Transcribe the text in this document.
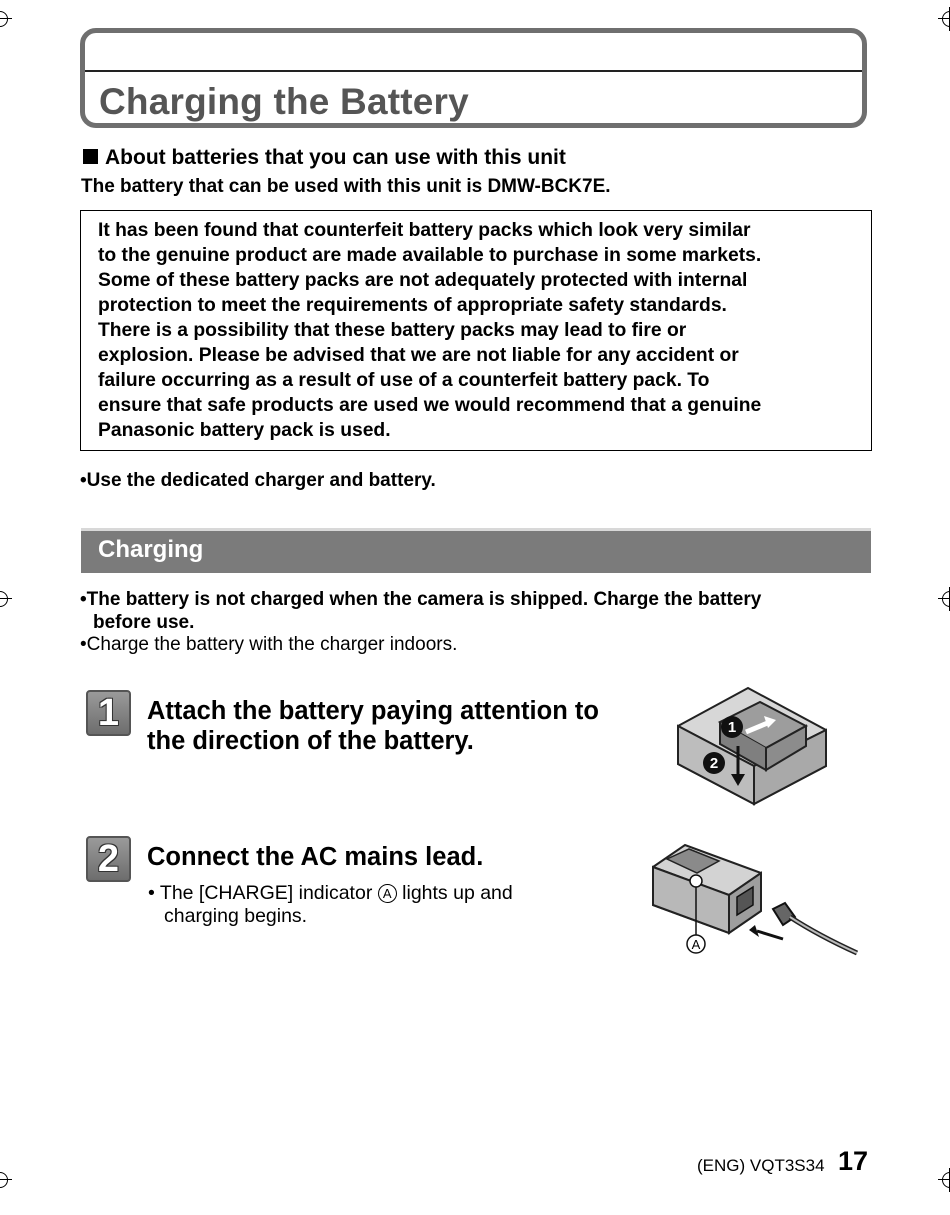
Charging the Battery
About batteries that you can use with this unit
The battery that can be used with this unit is DMW-BCK7E.
It has been found that counterfeit battery packs which look very similar
to the genuine product are made available to purchase in some markets.
Some of these battery packs are not adequately protected with internal
protection to meet the requirements of appropriate safety standards.
There is a possibility that these battery packs may lead to fire or
explosion. Please be advised that we are not liable for any accident or
failure occurring as a result of use of a counterfeit battery pack. To
ensure that safe products are used we would recommend that a genuine
Panasonic battery pack is used.
•Use the dedicated charger and battery.
Charging
•The battery is not charged when the camera is shipped. Charge the battery
before use.
•Charge the battery with the charger indoors.
1	Attach the battery paying attention to
the direction of the battery.	1
2
2	Connect the AC mains lead.
• The [CHARGE] indicator A lights up and
charging begins.
A
(ENG) VQT3S34 17
